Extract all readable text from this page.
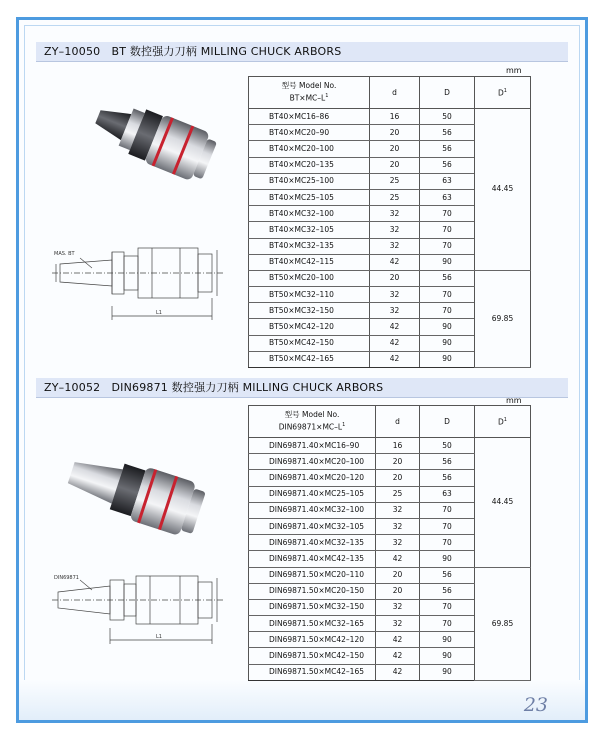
23
ZY–10050 BT 数控强力刀柄 MILLING CHUCK ARBORS
mm
MAS. BT
L1
型号 Model No.
$BT\times MC-L^1$	d	D	$D^1$
BT40×MC16–86	16	50	44.45
BT40×MC20–90	20	56	
BT40×MC20–100	20	56	
BT40×MC20–135	20	56	
BT40×MC25–100	25	63	
BT40×MC25–105	25	63	
BT40×MC32–100	32	70	
BT40×MC32–105	32	70	
BT40×MC32–135	32	70	
BT40×MC42–115	42	90	
BT50×MC20–100	20	56	69.85
BT50×MC32–110	32	70	
BT50×MC32–150	32	70	
BT50×MC42–120	42	90	
BT50×MC42–150	42	90	
BT50×MC42–165	42	90	
ZY–10052 DIN69871 数控强力刀柄 MILLING CHUCK ARBORS
mm
DIN69871
L1
型号 Model No.
$DIN69871\times MC-L^1$	d	D	$D^1$
DIN69871.40×MC16–90	16	50	44.45
DIN69871.40×MC20–100	20	56	
DIN69871.40×MC20–120	20	56	
DIN69871.40×MC25–105	25	63	
DIN69871.40×MC32–100	32	70	
DIN69871.40×MC32–105	32	70	
DIN69871.40×MC32–135	32	70	
DIN69871.40×MC42–135	42	90	
DIN69871.50×MC20–110	20	56	69.85
DIN69871.50×MC20–150	20	56	
DIN69871.50×MC32–150	32	70	
DIN69871.50×MC32–165	32	70	
DIN69871.50×MC42–120	42	90	
DIN69871.50×MC42–150	42	90	
DIN69871.50×MC42–165	42	90	
